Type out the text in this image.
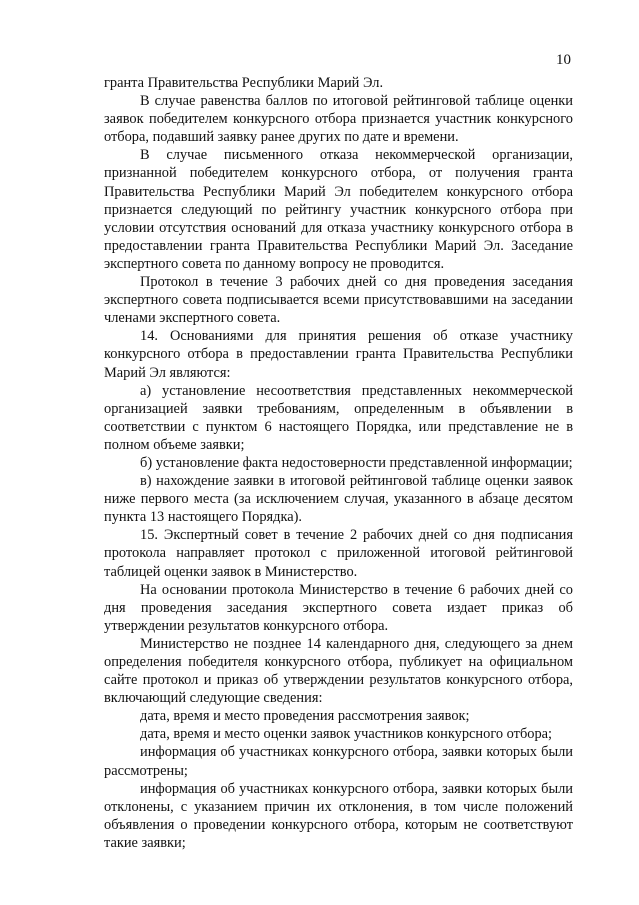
10

гранта Правительства Республики Марий Эл.

В случае равенства баллов по итоговой рейтинговой таблице оценки заявок победителем конкурсного отбора признается участник конкурсного отбора, подавший заявку ранее других по дате и времени.

В случае письменного отказа некоммерческой организации, признанной победителем конкурсного отбора, от получения гранта Правительства Республики Марий Эл победителем конкурсного отбора признается следующий по рейтингу участник конкурсного отбора при условии отсутствия оснований для отказа участнику конкурсного отбора в предоставлении гранта Правительства Республики Марий Эл. Заседание экспертного совета по данному вопросу не проводится.

Протокол в течение 3 рабочих дней со дня проведения заседания экспертного совета подписывается всеми присутствовавшими на заседании членами экспертного совета.

14. Основаниями для принятия решения об отказе участнику конкурсного отбора в предоставлении гранта Правительства Республики Марий Эл являются:

а) установление несоответствия представленных некоммерческой организацией заявки требованиям, определенным в объявлении в соответствии с пунктом 6 настоящего Порядка, или представление не в полном объеме заявки;

б) установление факта недостоверности представленной информации;

в) нахождение заявки в итоговой рейтинговой таблице оценки заявок ниже первого места (за исключением случая, указанного в абзаце десятом пункта 13 настоящего Порядка).

15. Экспертный совет в течение 2 рабочих дней со дня подписания протокола направляет протокол с приложенной итоговой рейтинговой таблицей оценки заявок в Министерство.

На основании протокола Министерство в течение 6 рабочих дней со дня проведения заседания экспертного совета издает приказ об утверждении результатов конкурсного отбора.

Министерство не позднее 14 календарного дня, следующего за днем определения победителя конкурсного отбора, публикует на официальном сайте протокол и приказ об утверждении результатов конкурсного отбора, включающий следующие сведения:

дата, время и место проведения рассмотрения заявок;

дата, время и место оценки заявок участников конкурсного отбора;

информация об участниках конкурсного отбора, заявки которых были рассмотрены;

информация об участниках конкурсного отбора, заявки которых были отклонены, с указанием причин их отклонения, в том числе положений объявления о проведении конкурсного отбора, которым не соответствуют такие заявки;
